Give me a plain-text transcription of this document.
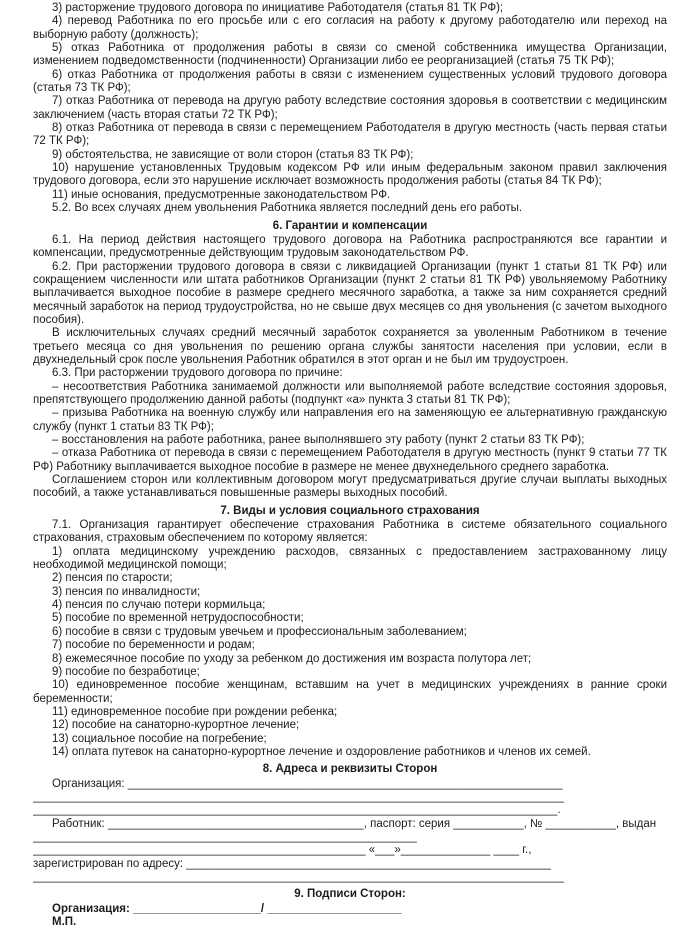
3) расторжение трудового договора по инициативе Работодателя (статья 81 ТК РФ);

4) перевод Работника по его просьбе или с его согласия на работу к другому работодателю или переход на выборную работу (должность);

5) отказ Работника от продолжения работы в связи со сменой собственника имущества Организации, изменением подведомственности (подчиненности) Организации либо ее реорганизацией (статья 75 ТК РФ);

6) отказ Работника от продолжения работы в связи с изменением существенных условий трудового договора (статья 73 ТК РФ);

7) отказ Работника от перевода на другую работу вследствие состояния здоровья в соответствии с медицинским заключением (часть вторая статьи 72 ТК РФ);

8) отказ Работника от перевода в связи с перемещением Работодателя в другую местность (часть первая статьи 72 ТК РФ);

9) обстоятельства, не зависящие от воли сторон (статья 83 ТК РФ);

10) нарушение установленных Трудовым кодексом РФ или иным федеральным законом правил заключения трудового договора, если это нарушение исключает возможность продолжения работы (статья 84 ТК РФ);

11) иные основания, предусмотренные законодательством РФ.

5.2. Во всех случаях днем увольнения Работника является последний день его работы.

6. Гарантии и компенсации

6.1. На период действия настоящего трудового договора на Работника распространяются все гарантии и компенсации, предусмотренные действующим трудовым законодательством РФ.

6.2. При расторжении трудового договора в связи с ликвидацией Организации (пункт 1 статьи 81 ТК РФ) или сокращением численности или штата работников Организации (пункт 2 статьи 81 ТК РФ) увольняемому Работнику выплачивается выходное пособие в размере среднего месячного заработка, а также за ним сохраняется средний месячный заработок на период трудоустройства, но не свыше двух месяцев со дня увольнения (с зачетом выходного пособия).

В исключительных случаях средний месячный заработок сохраняется за уволенным Работником в течение третьего месяца со дня увольнения по решению органа службы занятости населения при условии, если в двухнедельный срок после увольнения Работник обратился в этот орган и не был им трудоустроен.

6.3. При расторжении трудового договора по причине:

– несоответствия Работника занимаемой должности или выполняемой работе вследствие состояния здоровья, препятствующего продолжению данной работы (подпункт «а» пункта 3 статьи 81 ТК РФ);

– призыва Работника на военную службу или направления его на заменяющую ее альтернативную гражданскую службу (пункт 1 статьи 83 ТК РФ);

– восстановления на работе работника, ранее выполнявшего эту работу (пункт 2 статьи 83 ТК РФ);

– отказа Работника от перевода в связи с перемещением Работодателя в другую местность (пункт 9 статьи 77 ТК РФ) Работнику выплачивается выходное пособие в размере не менее двухнедельного среднего заработка.

Соглашением сторон или коллективным договором могут предусматриваться другие случаи выплаты выходных пособий, а также устанавливаться повышенные размеры выходных пособий.

7. Виды и условия социального страхования

7.1. Организация гарантирует обеспечение страхования Работника в системе обязательного социального страхования, страховым обеспечением по которому является:

1) оплата медицинскому учреждению расходов, связанных с предоставлением застрахованному лицу необходимой медицинской помощи;

2) пенсия по старости;

3) пенсия по инвалидности;

4) пенсия по случаю потери кормильца;

5) пособие по временной нетрудоспособности;

6) пособие в связи с трудовым увечьем и профессиональным заболеванием;

7) пособие по беременности и родам;

8) ежемесячное пособие по уходу за ребенком до достижения им возраста полутора лет;

9) пособие по безработице;

10) единовременное пособие женщинам, вставшим на учет в медицинских учреждениях в ранние сроки беременности;

11) единовременное пособие при рождении ребенка;

12) пособие на санаторно-курортное лечение;

13) социальное пособие на погребение;

14) оплата путевок на санаторно-курортное лечение и оздоровление работников и членов их семей.

8. Адреса и реквизиты Сторон

Организация: ____________________________________________________________________

___________________________________________________________________________________

__________________________________________________________________________________.

Работник: ________________________________________, паспорт: серия ___________, № ___________, выдан

____________________________________________________________

____________________________________________________ «___»______________ ____ г.,

зарегистрирован по адресу: _________________________________________________________

___________________________________________________________________________________

9. Подписи Сторон:

Организация: ____________________/ _____________________

М.П.
